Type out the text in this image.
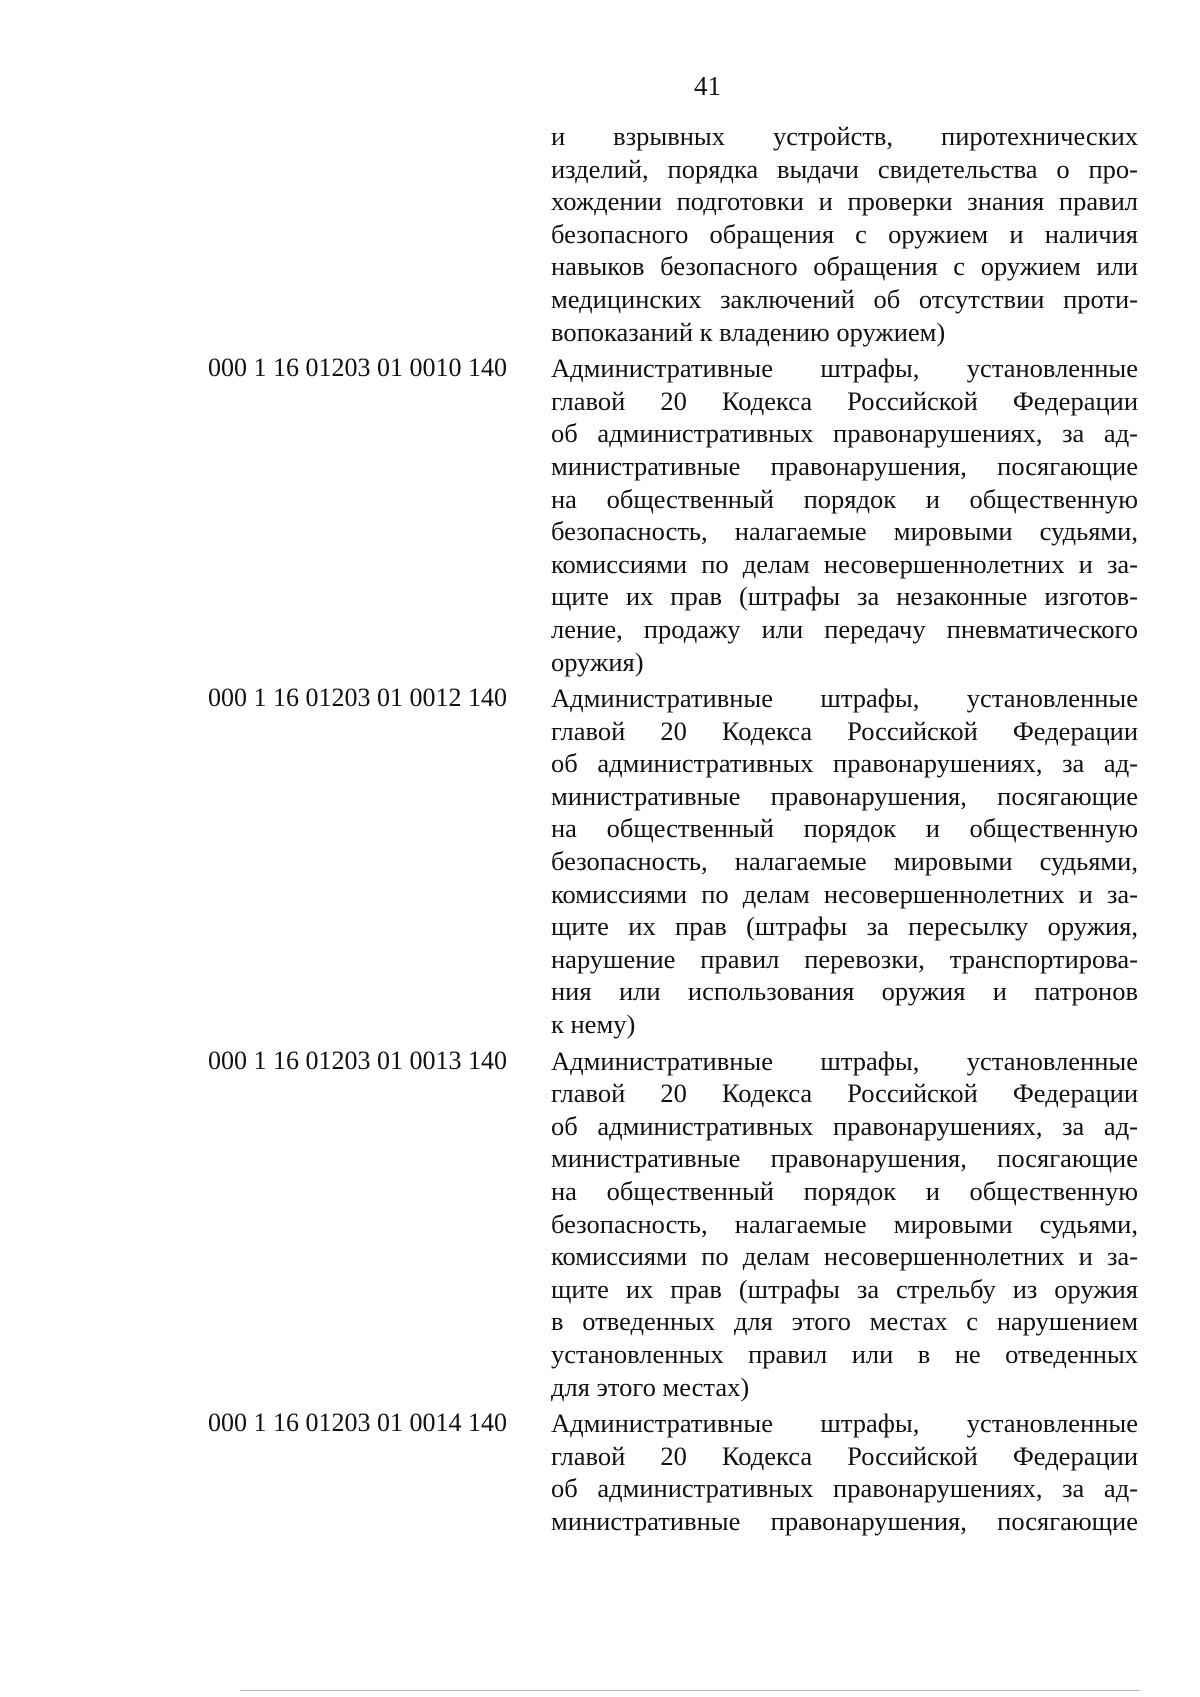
41
и взрывных устройств, пиротехнических
изделий, порядка выдачи свидетельства о про-
хождении подготовки и проверки знания правил
безопасного обращения с оружием и наличия
навыков безопасного обращения с оружием или
медицинских заключений об отсутствии проти-
вопоказаний к владению оружием)
000 1 16 01203 01 0010 140	Административные штрафы, установленные
главой 20 Кодекса Российской Федерации
об административных правонарушениях, за ад-
министративные правонарушения, посягающие
на общественный порядок и общественную
безопасность, налагаемые мировыми судьями,
комиссиями по делам несовершеннолетних и за-
щите их прав (штрафы за незаконные изготов-
ление, продажу или передачу пневматического
оружия)
000 1 16 01203 01 0012 140	Административные штрафы, установленные
главой 20 Кодекса Российской Федерации
об административных правонарушениях, за ад-
министративные правонарушения, посягающие
на общественный порядок и общественную
безопасность, налагаемые мировыми судьями,
комиссиями по делам несовершеннолетних и за-
щите их прав (штрафы за пересылку оружия,
нарушение правил перевозки, транспортирова-
ния или использования оружия и патронов
к нему)
000 1 16 01203 01 0013 140	Административные штрафы, установленные
главой 20 Кодекса Российской Федерации
об административных правонарушениях, за ад-
министративные правонарушения, посягающие
на общественный порядок и общественную
безопасность, налагаемые мировыми судьями,
комиссиями по делам несовершеннолетних и за-
щите их прав (штрафы за стрельбу из оружия
в отведенных для этого местах с нарушением
установленных правил или в не отведенных
для этого местах)
000 1 16 01203 01 0014 140	Административные штрафы, установленные
главой 20 Кодекса Российской Федерации
об административных правонарушениях, за ад-
министративные правонарушения, посягающие
